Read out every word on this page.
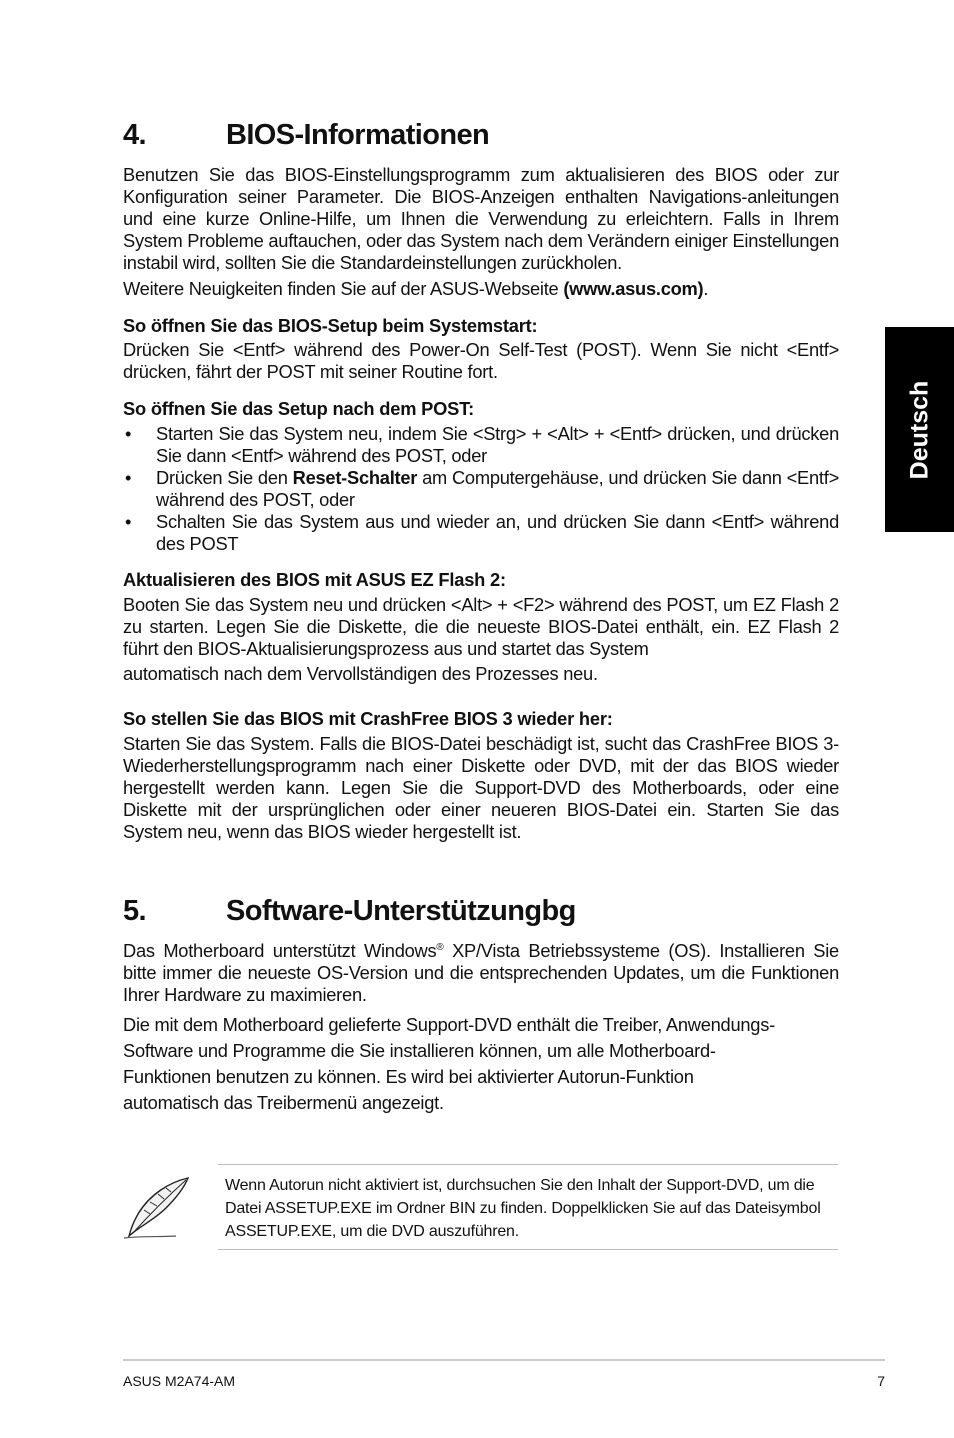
Deutsch
4.	BIOS-Informationen

Benutzen Sie das BIOS-Einstellungsprogramm zum aktualisieren des BIOS oder zur Konfiguration seiner Parameter. Die BIOS-Anzeigen enthalten Navigations-anleitungen und eine kurze Online-Hilfe, um Ihnen die Verwendung zu erleichtern. Falls in Ihrem System Probleme auftauchen, oder das System nach dem Verändern einiger Einstellungen instabil wird, sollten Sie die Standardeinstellungen zurückholen.

Weitere Neuigkeiten finden Sie auf der ASUS-Webseite (www.asus.com).

So öffnen Sie das BIOS-Setup beim Systemstart:

Drücken Sie <Entf> während des Power-On Self-Test (POST). Wenn Sie nicht <Entf> drücken, fährt der POST mit seiner Routine fort.

So öffnen Sie das Setup nach dem POST:
• Starten Sie das System neu, indem Sie <Strg> + <Alt> + <Entf> drücken, und drücken Sie dann <Entf> während des POST, oder
• Drücken Sie den Reset-Schalter am Computergehäuse, und drücken Sie dann <Entf> während des POST, oder
• Schalten Sie das System aus und wieder an, und drücken Sie dann <Entf> während des POST
Aktualisieren des BIOS mit ASUS EZ Flash 2:

Booten Sie das System neu und drücken <Alt> + <F2> während des POST, um EZ Flash 2 zu starten. Legen Sie die Diskette, die die neueste BIOS-Datei enthält, ein. EZ Flash 2 führt den BIOS-Aktualisierungsprozess aus und startet das System

automatisch nach dem Vervollständigen des Prozesses neu.

So stellen Sie das BIOS mit CrashFree BIOS 3 wieder her:

Starten Sie das System. Falls die BIOS-Datei beschädigt ist, sucht das CrashFree BIOS 3-Wiederherstellungsprogramm nach einer Diskette oder DVD, mit der das BIOS wieder hergestellt werden kann. Legen Sie die Support-DVD des Motherboards, oder eine Diskette mit der ursprünglichen oder einer neueren BIOS-Datei ein. Starten Sie das System neu, wenn das BIOS wieder hergestellt ist.

5.	Software-Unterstützungbg

Das Motherboard unterstützt Windows® XP/Vista Betriebssysteme (OS). Installieren Sie bitte immer die neueste OS-Version und die entsprechenden Updates, um die Funktionen Ihrer Hardware zu maximieren.

Die mit dem Motherboard gelieferte Support-DVD enthält die Treiber, Anwendungs-

Software und Programme die Sie installieren können, um alle Motherboard-

Funktionen benutzen zu können. Es wird bei aktivierter Autorun-Funktion

automatisch das Treibermenü angezeigt.

Wenn Autorun nicht aktiviert ist, durchsuchen Sie den Inhalt der Support-DVD, um die Datei ASSETUP.EXE im Ordner BIN zu finden. Doppelklicken Sie auf das Dateisymbol ASSETUP.EXE, um die DVD auszuführen.
ASUS M2A74-AM	7
